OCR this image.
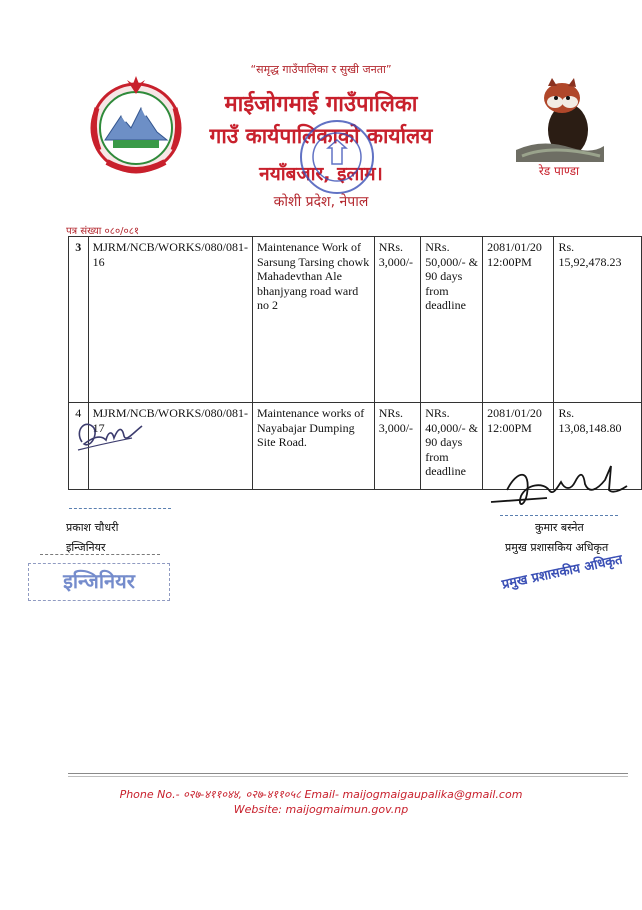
“समृद्ध गाउँपालिका र सुखी जनता”
माईजोगमाई गाउँपालिका
गाउँ कार्यपालिकाको कार्यालय
नयाँबजार, इलाम।
कोशी प्रदेश, नेपाल
रेड पाण्डा
पत्र संख्या ०८०/०८१
3	MJRM/NCB/WORKS/080/081-16	Maintenance Work of Sarsung Tarsing chowk Mahadevthan Ale bhanjyang road ward no 2	NRs. 3,000/-	NRs. 50,000/- & 90 days from deadline	2081/01/20 12:00PM	Rs. 15,92,478.23
4	MJRM/NCB/WORKS/080/081-17	Maintenance works of Nayabajar Dumping Site Road.	NRs. 3,000/-	NRs. 40,000/- & 90 days from deadline	2081/01/20 12:00PM	Rs. 13,08,148.80
प्रकाश चौधरी
इन्जिनियर
इन्जिनियर
कुमार बस्नेत
प्रमुख प्रशासकिय अधिकृत
प्रमुख प्रशासकीय अधिकृत
Phone No.- ०२७-४११०४४, ०२७-४११०५८ Email- maijogmaigaupalika@gmail.com
Website: maijogmaimun.gov.np
